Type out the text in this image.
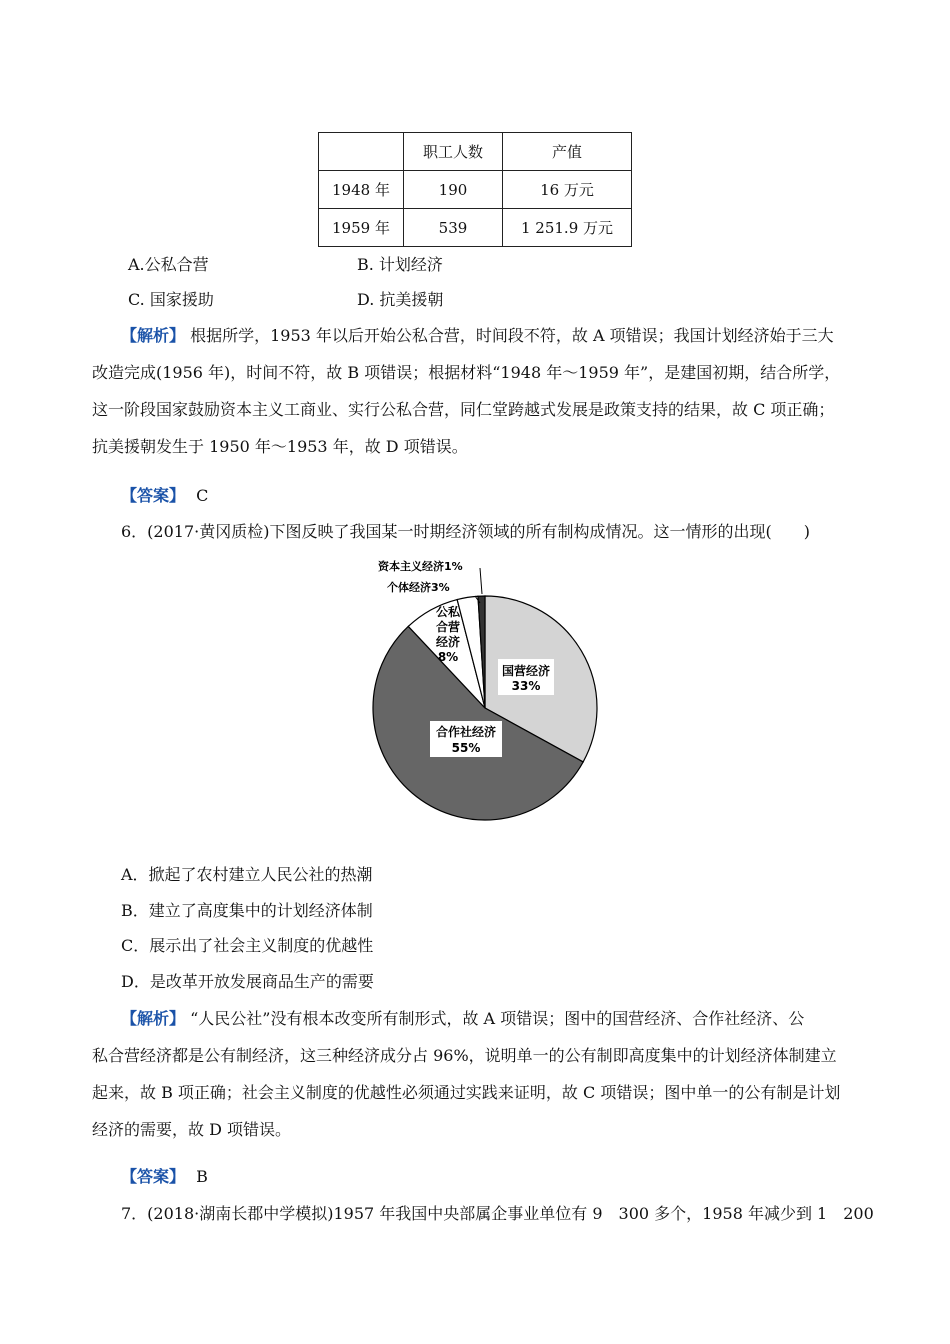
	职工人数	产值
1948 年	190	16 万元
1959 年	539	1 251.9 万元
A.公私合营	B. 计划经济
C. 国家援助	D. 抗美援朝
【解析】 根据所学，1953 年以后开始公私合营，时间段不符，故 A 项错误；我国计划经济始于三大
改造完成(1956 年)，时间不符，故 B 项错误；根据材料“1948 年～1959 年”，是建国初期，结合所学，
这一阶段国家鼓励资本主义工商业、实行公私合营，同仁堂跨越式发展是政策支持的结果，故 C 项正确；
抗美援朝发生于 1950 年～1953 年，故 D 项错误。
【答案】 C
6．(2017·黄冈质检)下图反映了我国某一时期经济领域的所有制构成情况。这一情形的出现(　　)
资本主义经济1%
个体经济3%
公私
合营
经济
8%
国营经济
33%
合作社经济
55%
A．掀起了农村建立人民公社的热潮
B．建立了高度集中的计划经济体制
C．展示出了社会主义制度的优越性
D．是改革开放发展商品生产的需要
【解析】 “人民公社”没有根本改变所有制形式，故 A 项错误；图中的国营经济、合作社经济、公
私合营经济都是公有制经济，这三种经济成分占 96%，说明单一的公有制即高度集中的计划经济体制建立
起来，故 B 项正确；社会主义制度的优越性必须通过实践来证明，故 C 项错误；图中单一的公有制是计划
经济的需要，故 D 项错误。
【答案】 B
7．(2018·湖南长郡中学模拟)1957 年我国中央部属企事业单位有 9　300 多个，1958 年减少到 1　200
